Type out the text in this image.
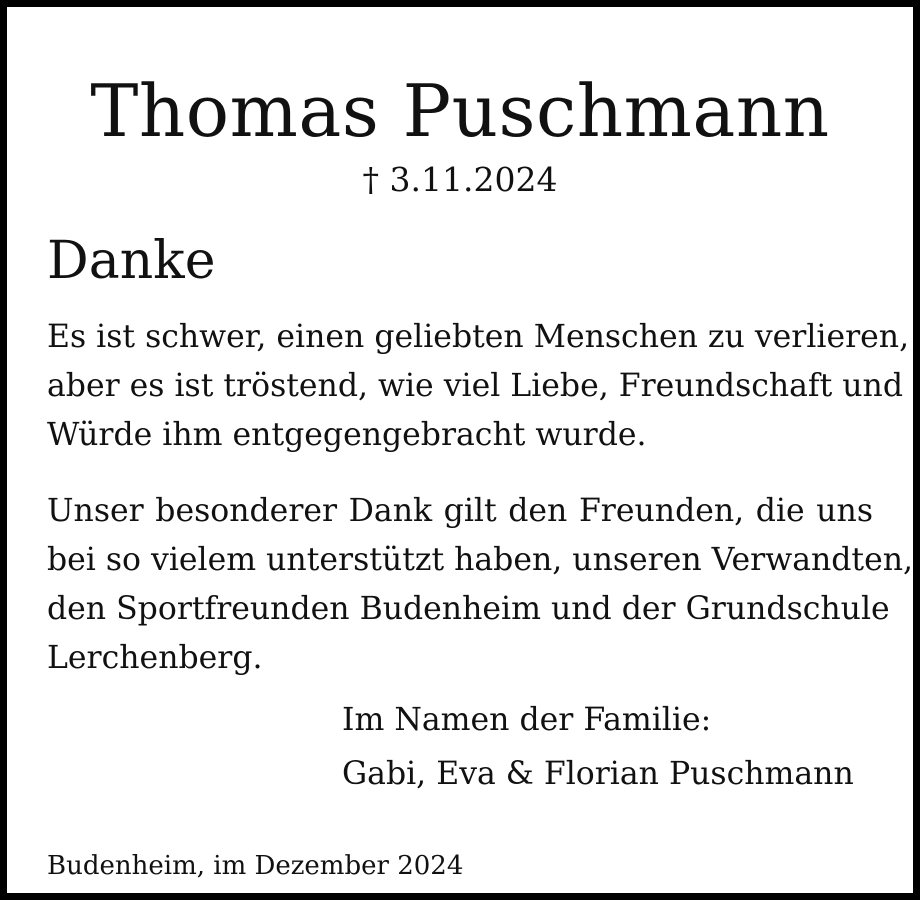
Thomas Puschmann
† 3.11.2024
Danke

Es ist schwer, einen geliebten Menschen zu verlieren,
aber es ist tröstend, wie viel Liebe, Freundschaft und
Würde ihm entgegengebracht wurde.

Unser besonderer Dank gilt den Freunden, die uns
bei so vielem unterstützt haben, unseren Verwandten,
den Sportfreunden Budenheim und der Grundschule
Lerchenberg.

Im Namen der Familie:
Gabi, Eva & Florian Puschmann
Budenheim, im Dezember 2024
